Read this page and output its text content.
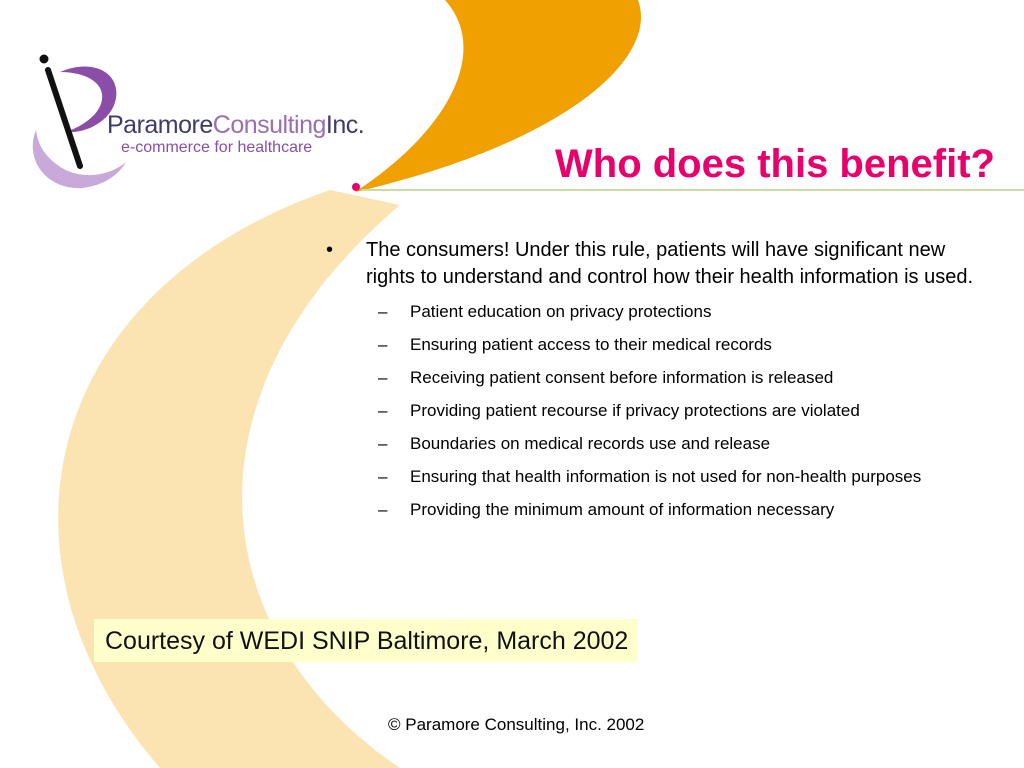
ParamoreConsultingInc.
e-commerce for healthcare	Who does this benefit?
• The consumers! Under this rule, patients will have significant new rights to understand and control how their health information is used.
– Patient education on privacy protections
– Ensuring patient access to their medical records
– Receiving patient consent before information is released
– Providing patient recourse if privacy protections are violated
– Boundaries on medical records use and release
– Ensuring that health information is not used for non-health purposes
– Providing the minimum amount of information necessary
Courtesy of WEDI SNIP Baltimore, March 2002
© Paramore Consulting, Inc. 2002
